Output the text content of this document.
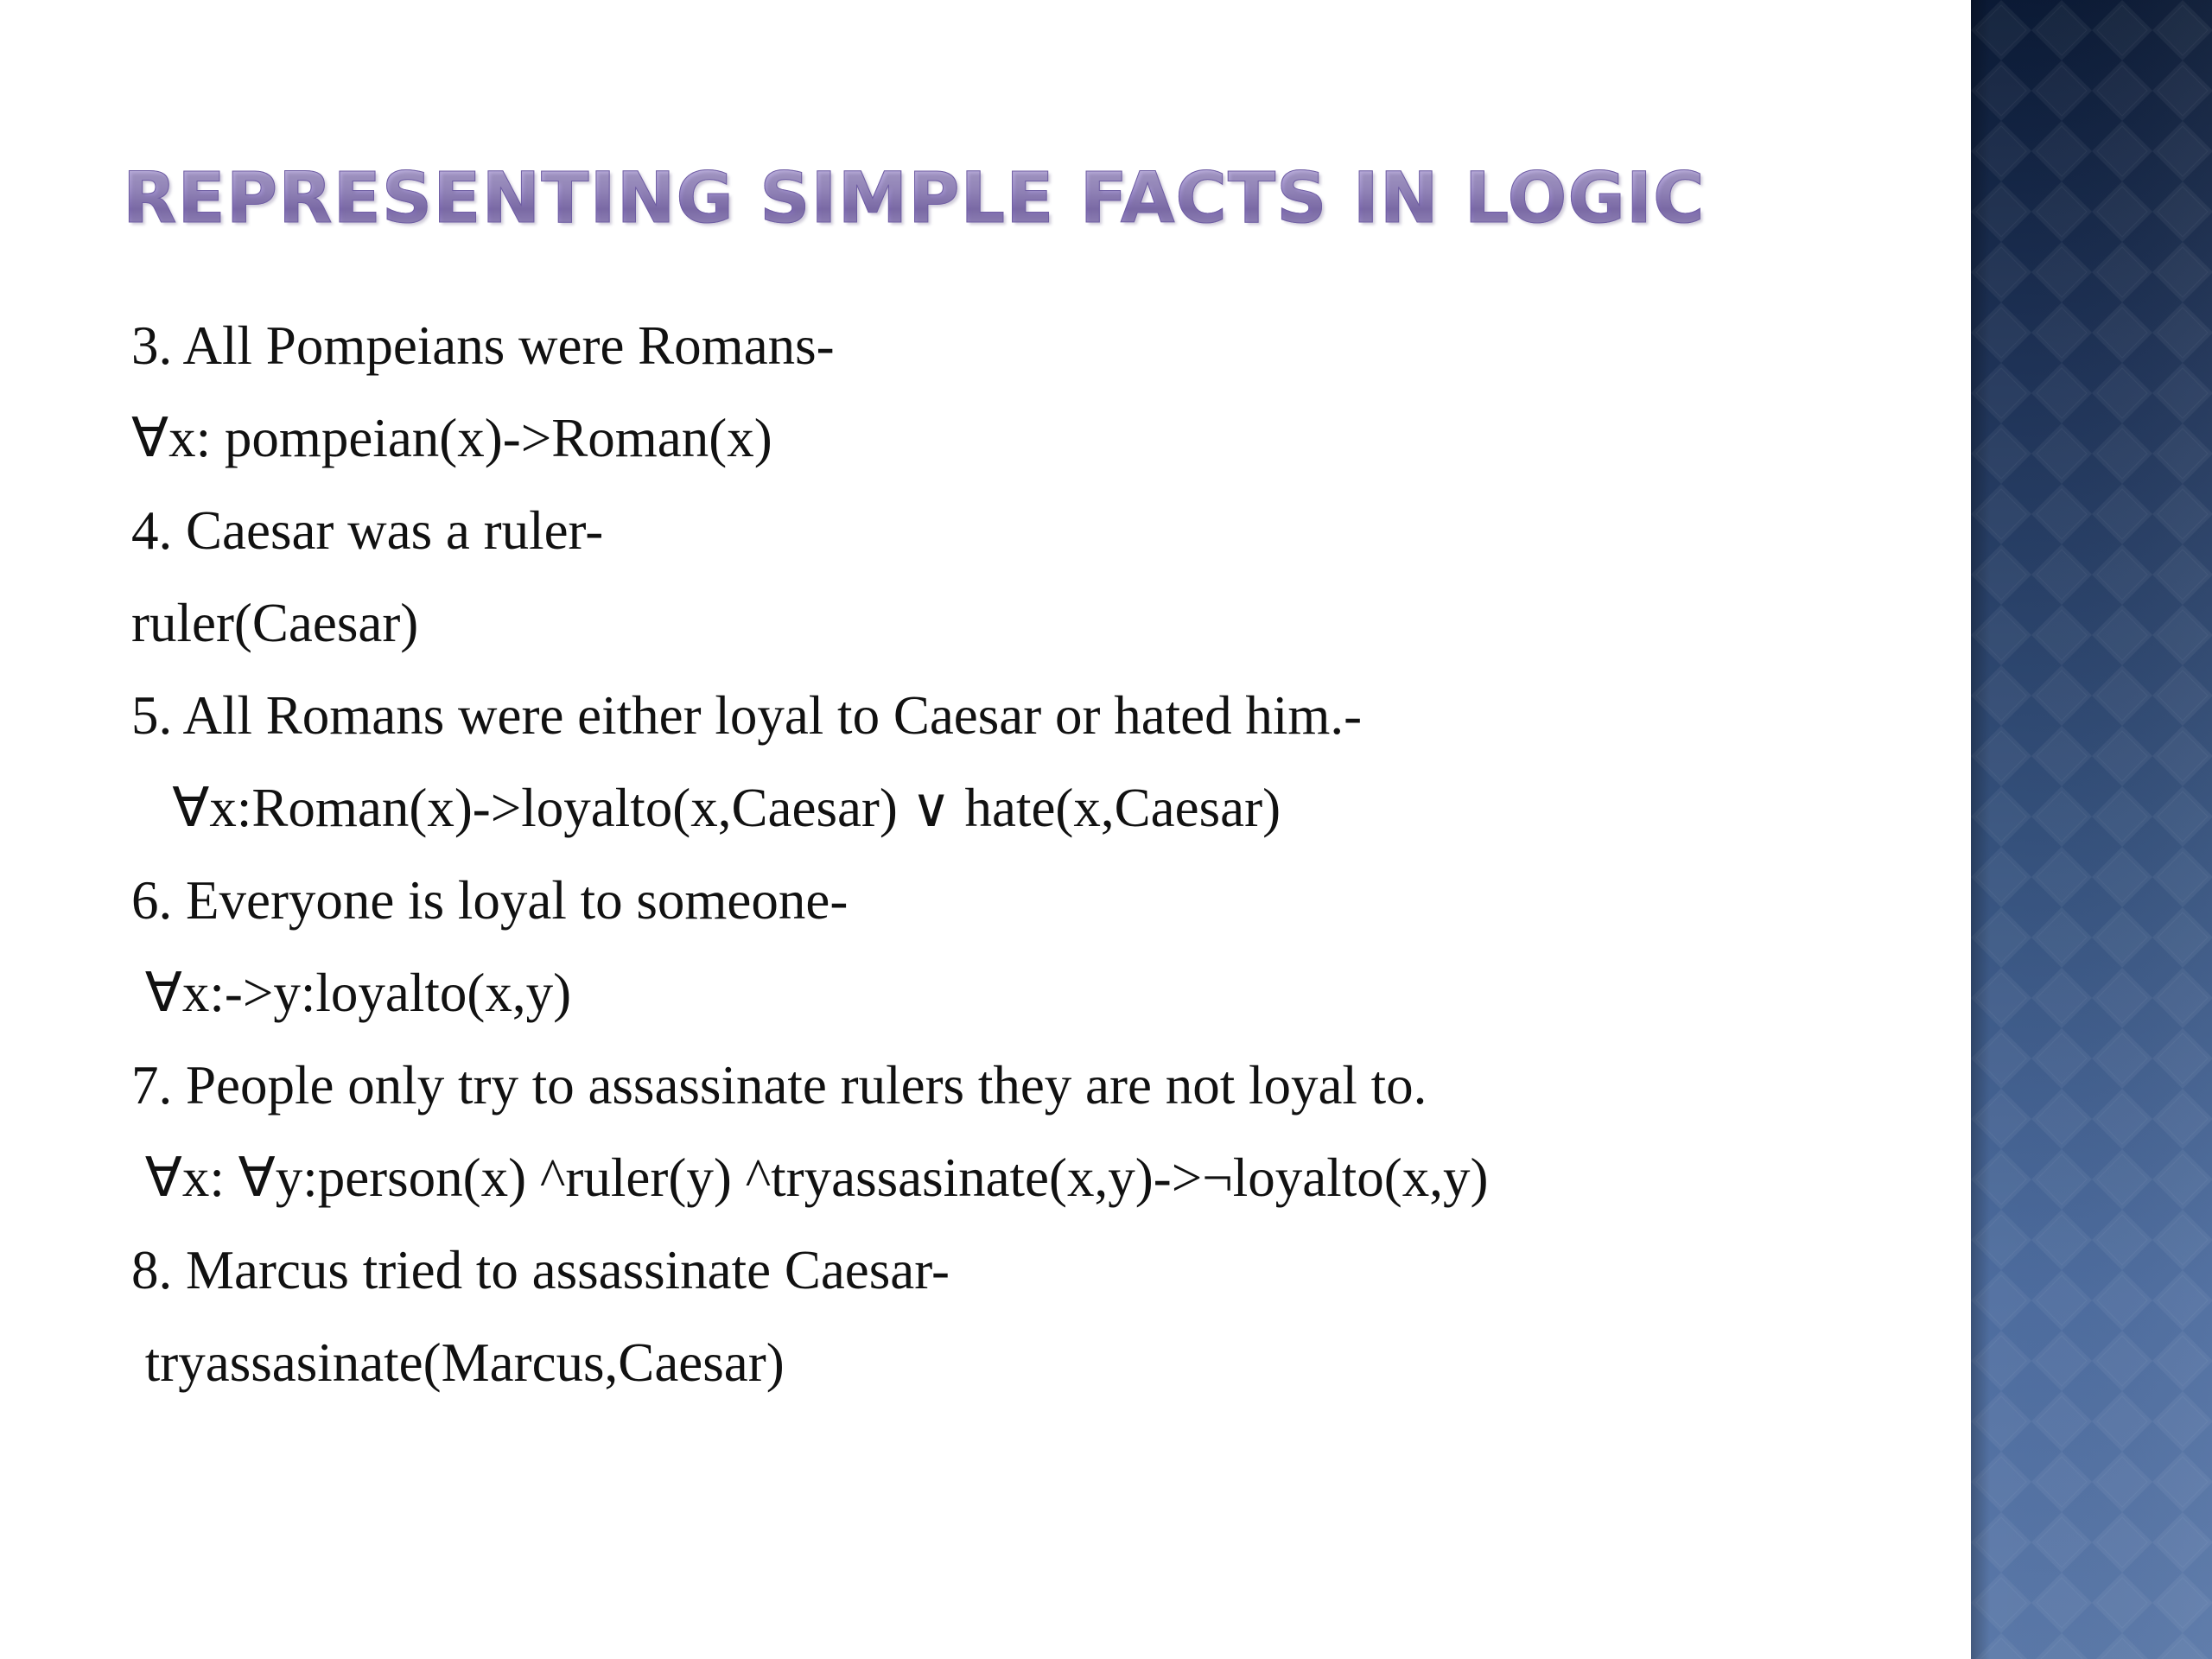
REPRESENTING SIMPLE FACTS IN LOGIC
3. All Pompeians were Romans-
∀x: pompeian(x)->Roman(x)
4. Caesar was a ruler-
ruler(Caesar)
5. All Romans were either loyal to Caesar or hated him.-
∀x:Roman(x)->loyalto(x,Caesar) ∨ hate(x,Caesar)
6. Everyone is loyal to someone-
∀x:->y:loyalto(x,y)
7. People only try to assassinate rulers they are not loyal to.
∀x: ∀y:person(x) ^ruler(y) ^tryassasinate(x,y)->¬loyalto(x,y)
8. Marcus tried to assassinate Caesar-
tryassasinate(Marcus,Caesar)
